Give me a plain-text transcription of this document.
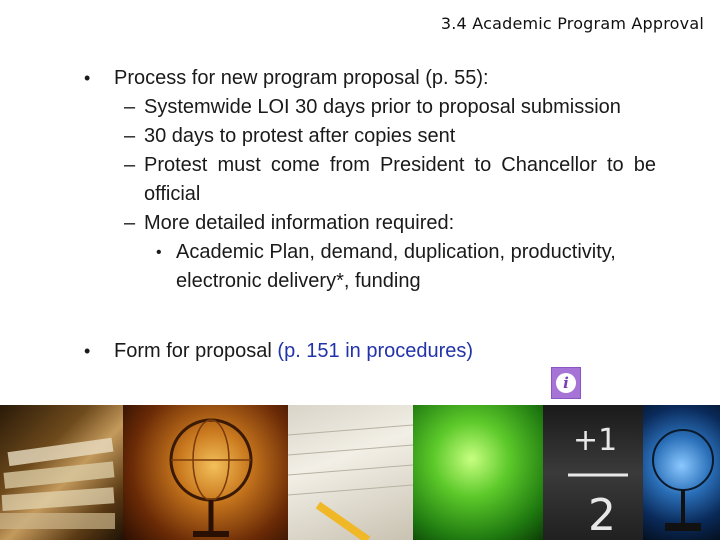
3.4 Academic Program Approval
• Process for new program proposal (p. 55):
– Systemwide LOI 30 days prior to proposal submission
– 30 days to protest after copies sent
– Protest must come from President to Chancellor to be official
– More detailed information required:
• Academic Plan, demand, duplication, productivity, electronic delivery*, funding
• Form for proposal (p. 151 in procedures)
i
+1
2
